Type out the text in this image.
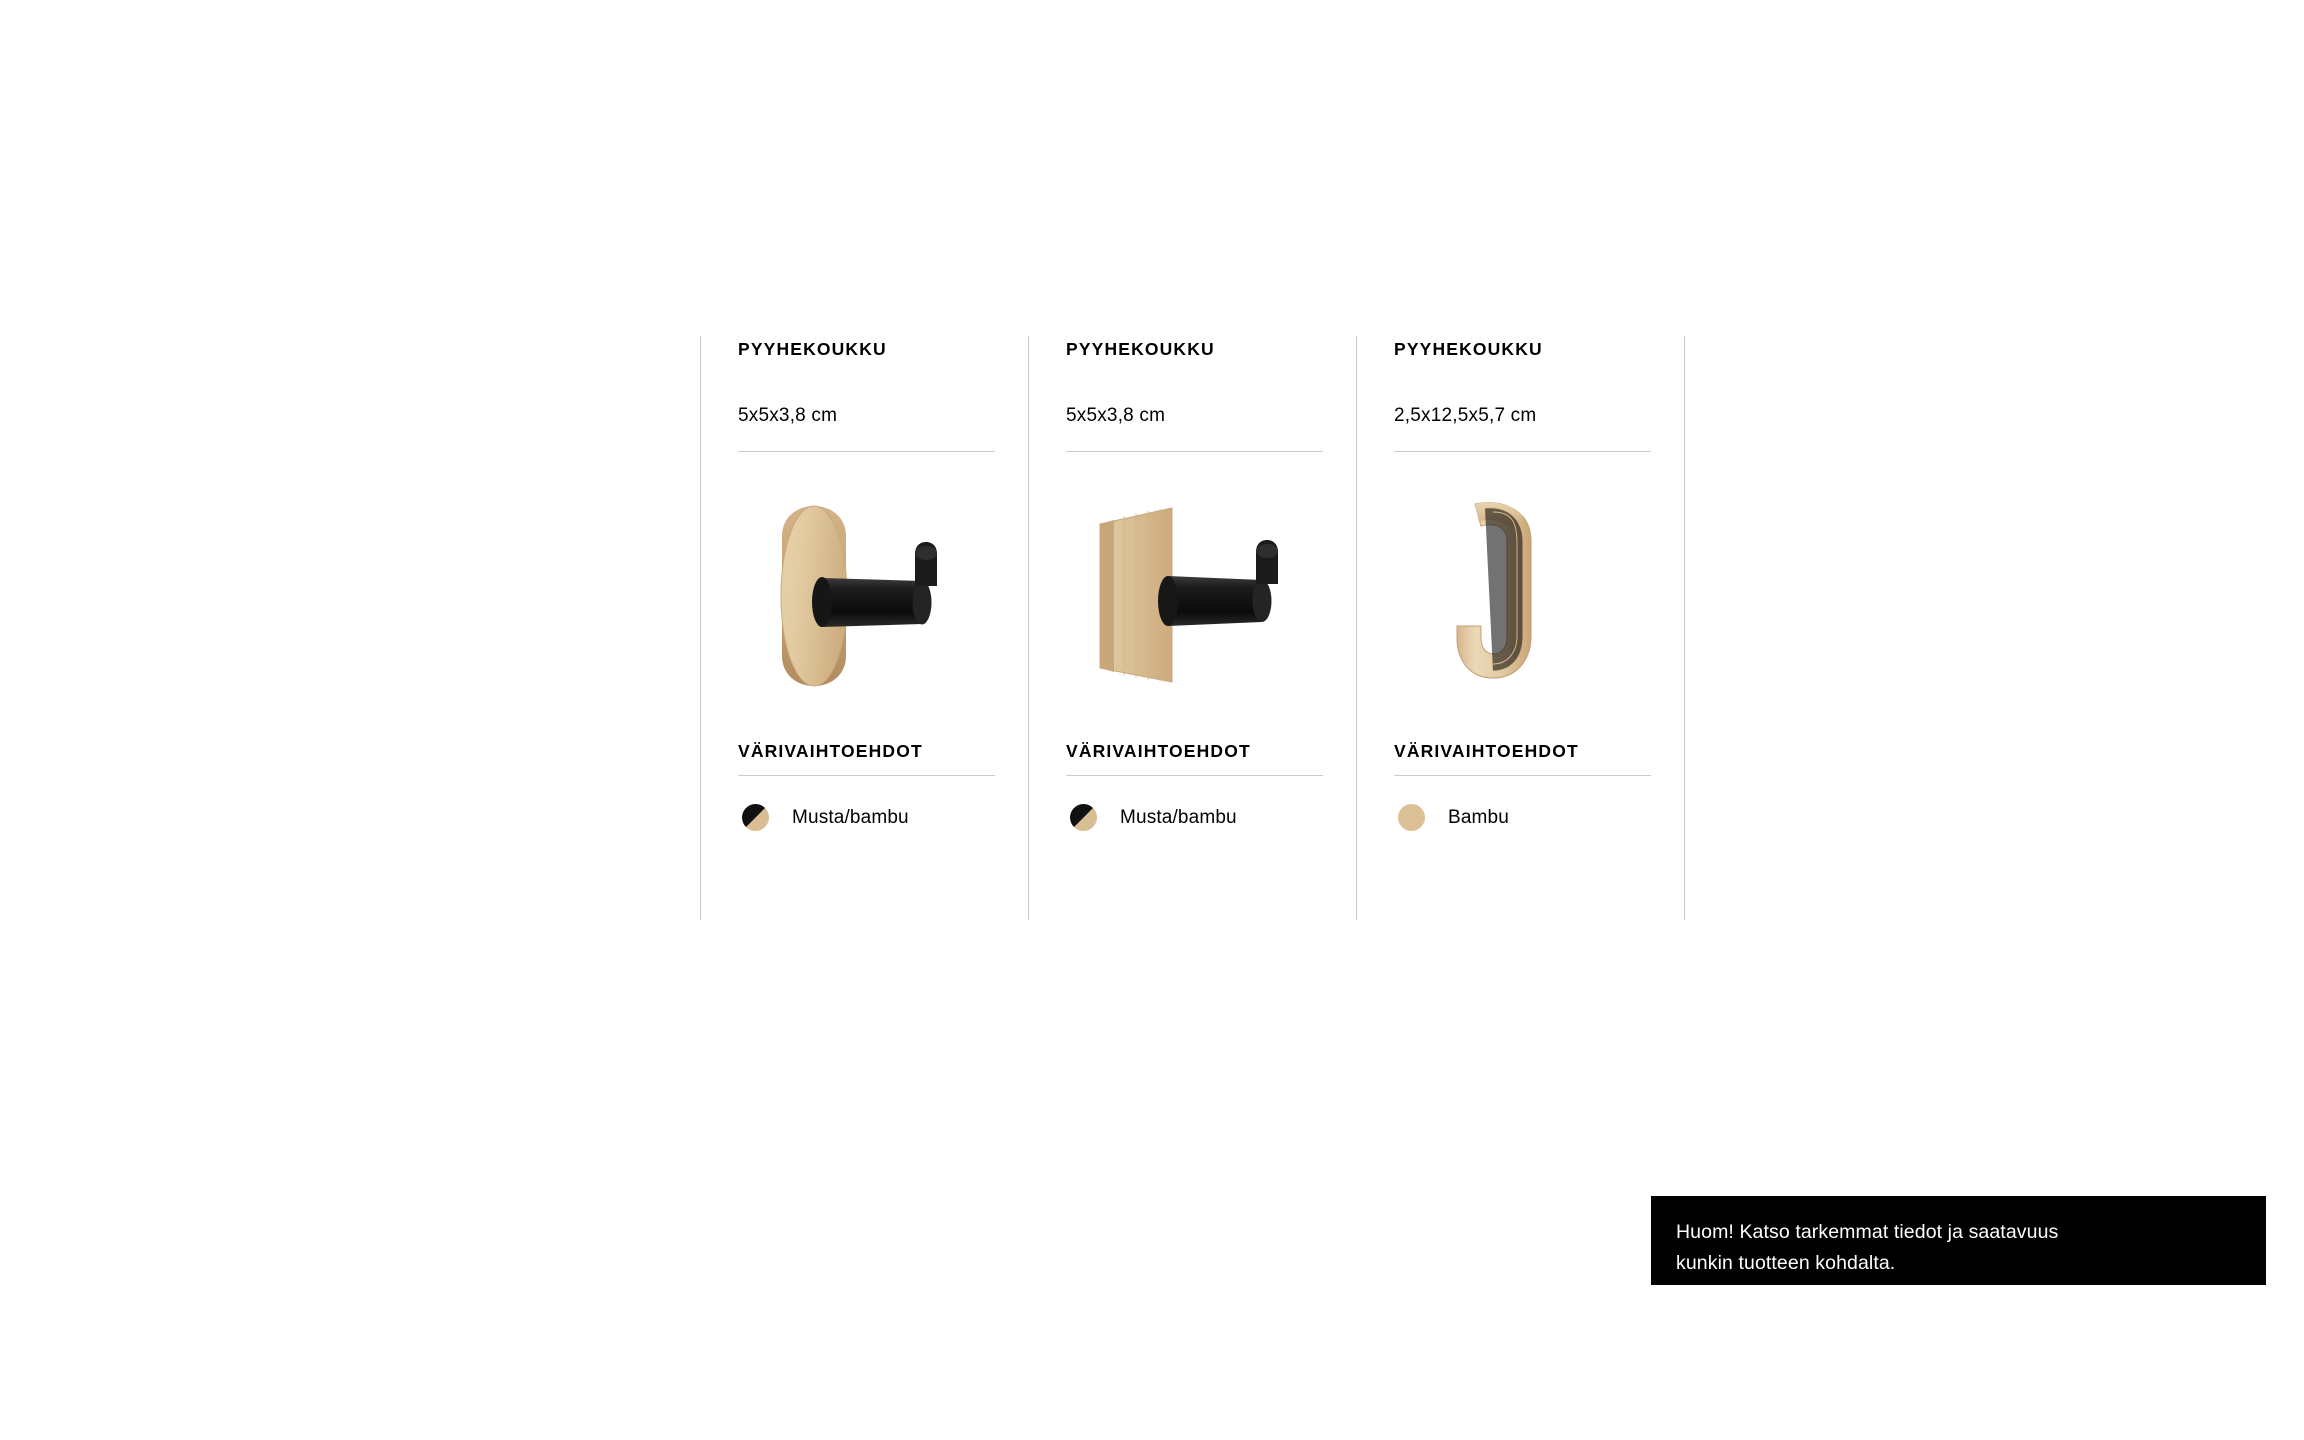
PYYHEKOUKKU
5x5x3,8 cm
VÄRIVAIHTOEHDOT
Musta/bambu
PYYHEKOUKKU
5x5x3,8 cm
VÄRIVAIHTOEHDOT
Musta/bambu
PYYHEKOUKKU
2,5x12,5x5,7 cm
VÄRIVAIHTOEHDOT
Bambu
Huom! Katso tarkemmat tiedot ja saatavuus
kunkin tuotteen kohdalta.
